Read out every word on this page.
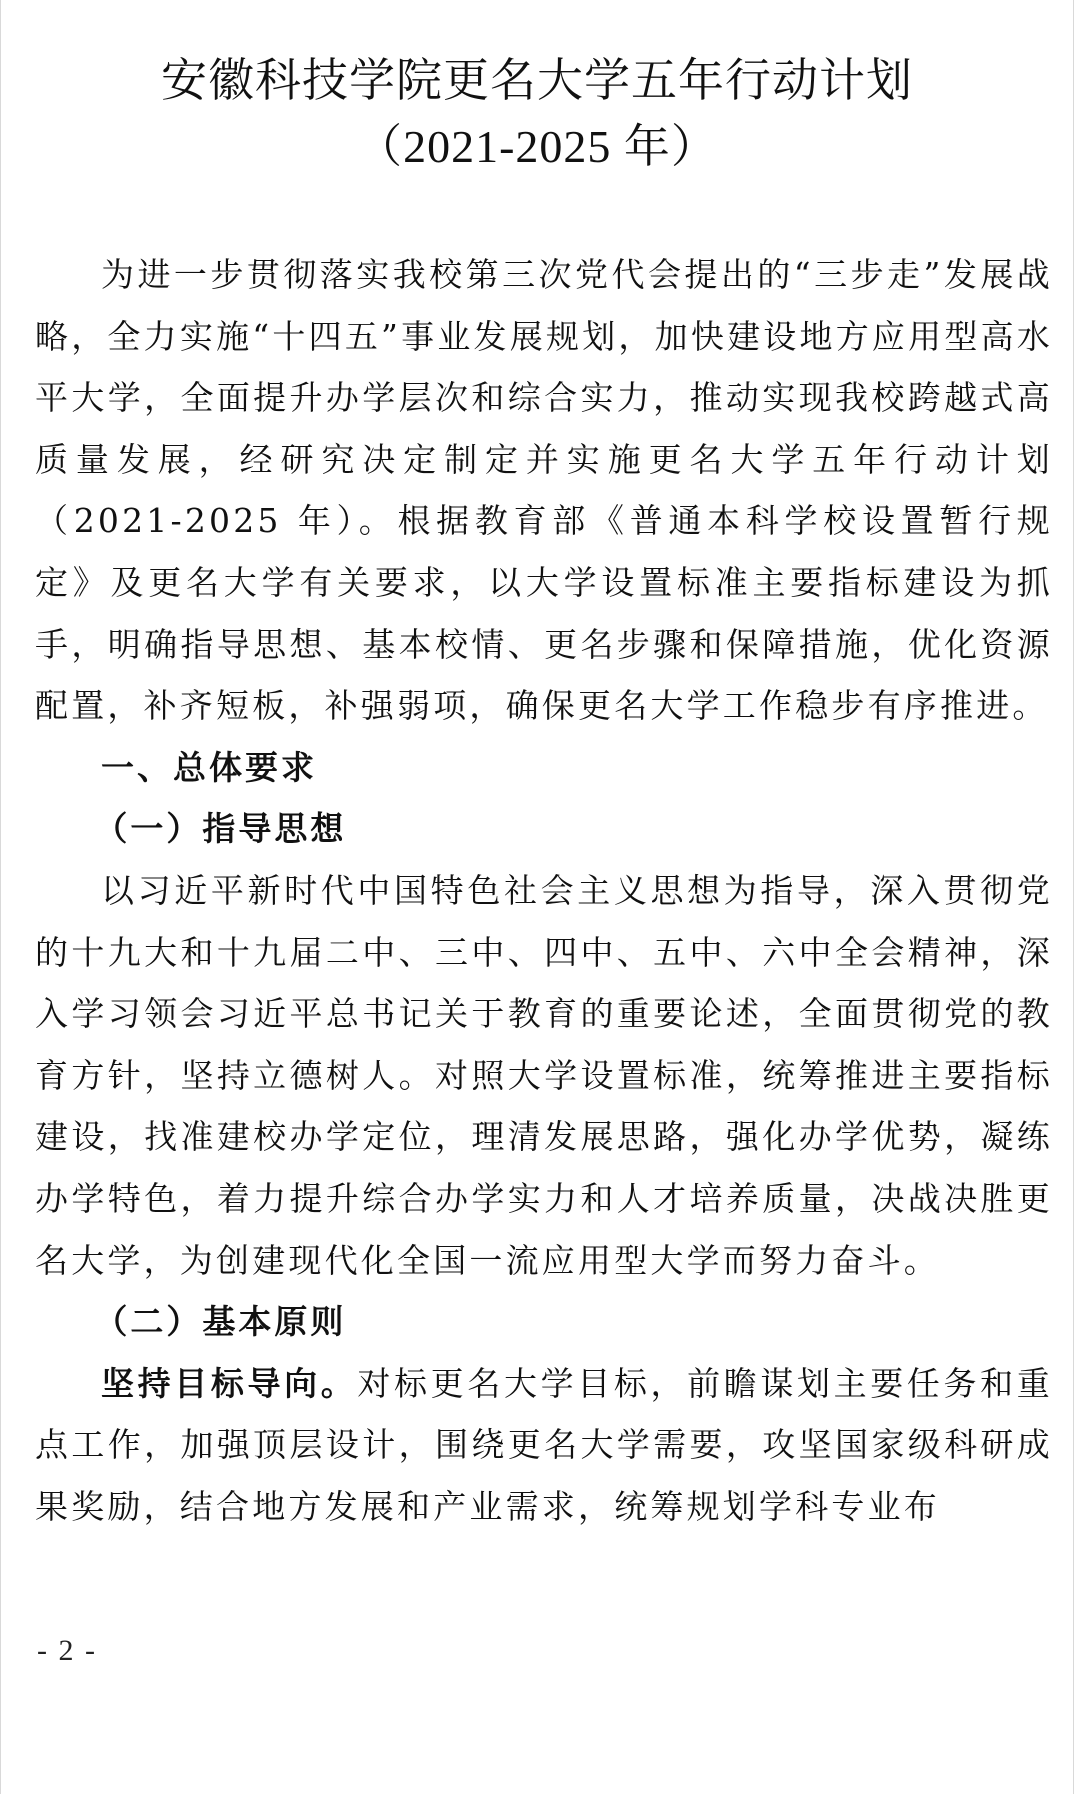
安徽科技学院更名大学五年行动计划
（2021-2025 年）

为进一步贯彻落实我校第三次党代会提出的“三步走”发展战略，全力实施“十四五”事业发展规划，加快建设地方应用型高水平大学，全面提升办学层次和综合实力，推动实现我校跨越式高质量发展，经研究决定制定并实施更名大学五年行动计划（2021-2025 年）。根据教育部《普通本科学校设置暂行规定》及更名大学有关要求，以大学设置标准主要指标建设为抓手，明确指导思想、基本校情、更名步骤和保障措施，优化资源配置，补齐短板，补强弱项，确保更名大学工作稳步有序推进。

一、总体要求

（一）指导思想

以习近平新时代中国特色社会主义思想为指导，深入贯彻党的十九大和十九届二中、三中、四中、五中、六中全会精神，深入学习领会习近平总书记关于教育的重要论述，全面贯彻党的教育方针，坚持立德树人。对照大学设置标准，统筹推进主要指标建设，找准建校办学定位，理清发展思路，强化办学优势，凝练办学特色，着力提升综合办学实力和人才培养质量，决战决胜更名大学，为创建现代化全国一流应用型大学而努力奋斗。

（二）基本原则

坚持目标导向。对标更名大学目标，前瞻谋划主要任务和重点工作，加强顶层设计，围绕更名大学需要，攻坚国家级科研成果奖励，结合地方发展和产业需求，统筹规划学科专业布

- 2 -
